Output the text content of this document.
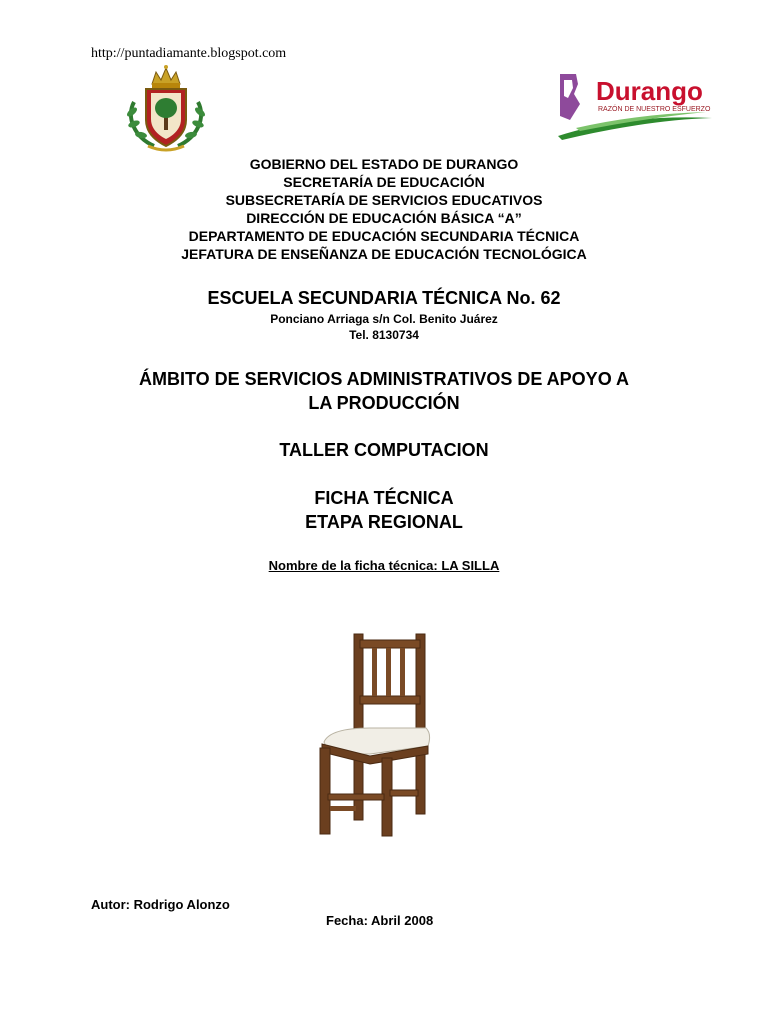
http://puntadiamante.blogspot.com
Durango
RAZÓN DE NUESTRO ESFUERZO
GOBIERNO DEL ESTADO DE DURANGO
SECRETARÍA DE EDUCACIÓN
SUBSECRETARÍA DE SERVICIOS EDUCATIVOS
DIRECCIÓN DE EDUCACIÓN BÁSICA “A”
DEPARTAMENTO DE EDUCACIÓN SECUNDARIA TÉCNICA
JEFATURA DE ENSEÑANZA DE EDUCACIÓN TECNOLÓGICA
ESCUELA SECUNDARIA TÉCNICA No. 62
Ponciano Arriaga s/n Col. Benito Juárez
Tel. 8130734
ÁMBITO DE SERVICIOS ADMINISTRATIVOS DE APOYO A
LA PRODUCCIÓN
TALLER COMPUTACION
FICHA TÉCNICA
ETAPA REGIONAL
Nombre de la ficha técnica: LA SILLA
Autor: Rodrigo Alonzo
Fecha: Abril 2008
